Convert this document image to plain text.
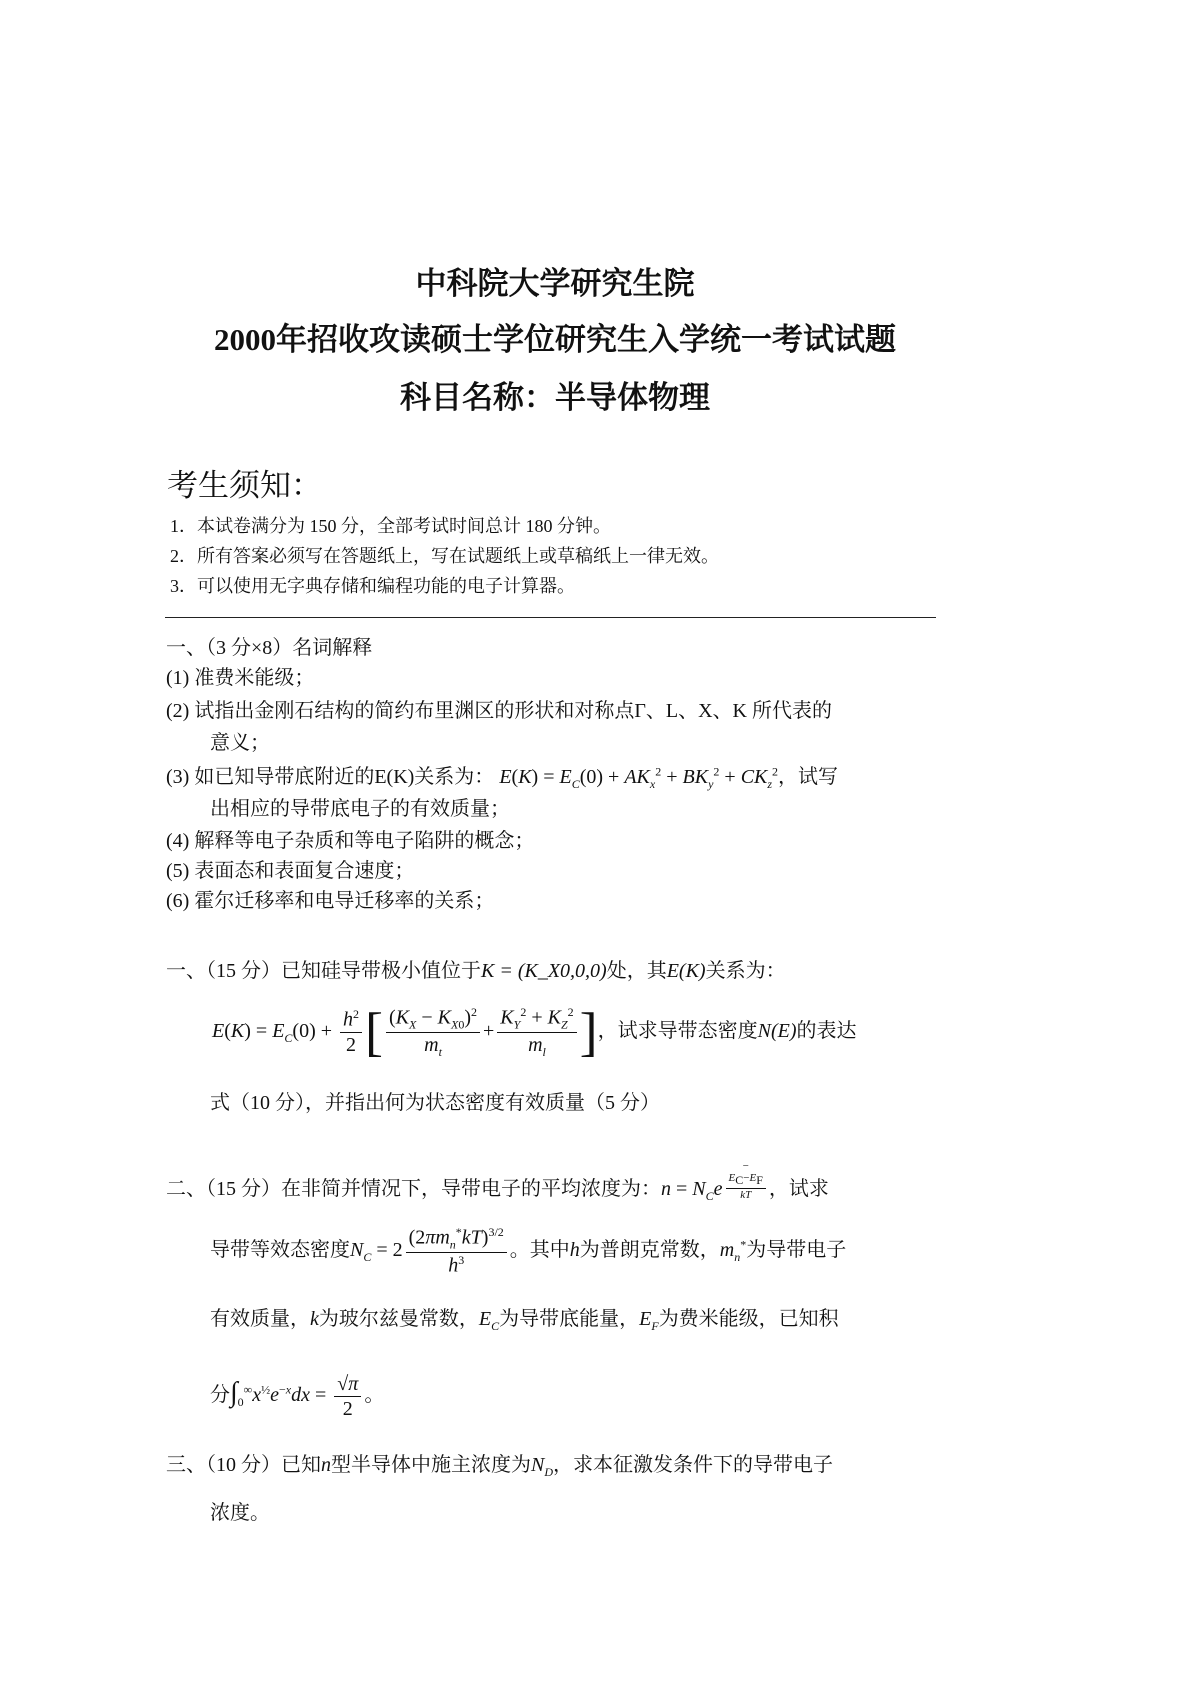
中科院大学研究生院
2000年招收攻读硕士学位研究生入学统一考试试题
科目名称：半导体物理
考生须知：
1．本试卷满分为 150 分，全部考试时间总计 180 分钟。
2．所有答案必须写在答题纸上，写在试题纸上或草稿纸上一律无效。
3．可以使用无字典存储和编程功能的电子计算器。
一、（3 分×8）名词解释
(1) 准费米能级；
(2) 试指出金刚石结构的简约布里渊区的形状和对称点Γ、L、X、K 所代表的
意义；
(3) 如已知导带底附近的E(K)关系为： $E(K) = E_C(0) + AK_x^2 + BK_y^2 + CK_z^2$，试写
出相应的导带底电子的有效质量；
(4) 解释等电子杂质和等电子陷阱的概念；
(5) 表面态和表面复合速度；
(6) 霍尔迁移率和电导迁移率的关系；
一、（15 分）已知硅导带极小值位于K = (K_X0,0,0)处，其E(K)关系为：
$E(K) = E_C(0) + \frac{h^2}{2}$ [ $\frac{(K_X - K_{X0})^2}{m_t} + \frac{K_Y^2 + K_Z^2}{m_l}$ ]，试求导带态密度N(E)的表达
式（10 分），并指出何为状态密度有效质量（5 分）
二、（15 分）在非简并情况下，导带电子的平均浓度为：$n = N_Ce-$
$\frac{E_C-E_F}{kT}$ ，试求
导带等效态密度$N_C = 2 \frac{(2\pi m_n^*kT)^{3/2}}{h^3}$ 。其中h为普朗克常数，$m_n^*$为导带电子
有效质量，k为玻尔兹曼常数，$E_C$为导带底能量，$E_F$为费米能级，已知积
分$\int_0^\infty x^{\frac{1}{2}}e^{-x}dx = \frac{√\pi}{2}$ 。
三、（10 分）已知n型半导体中施主浓度为$N_D$，求本征激发条件下的导带电子
浓度。
